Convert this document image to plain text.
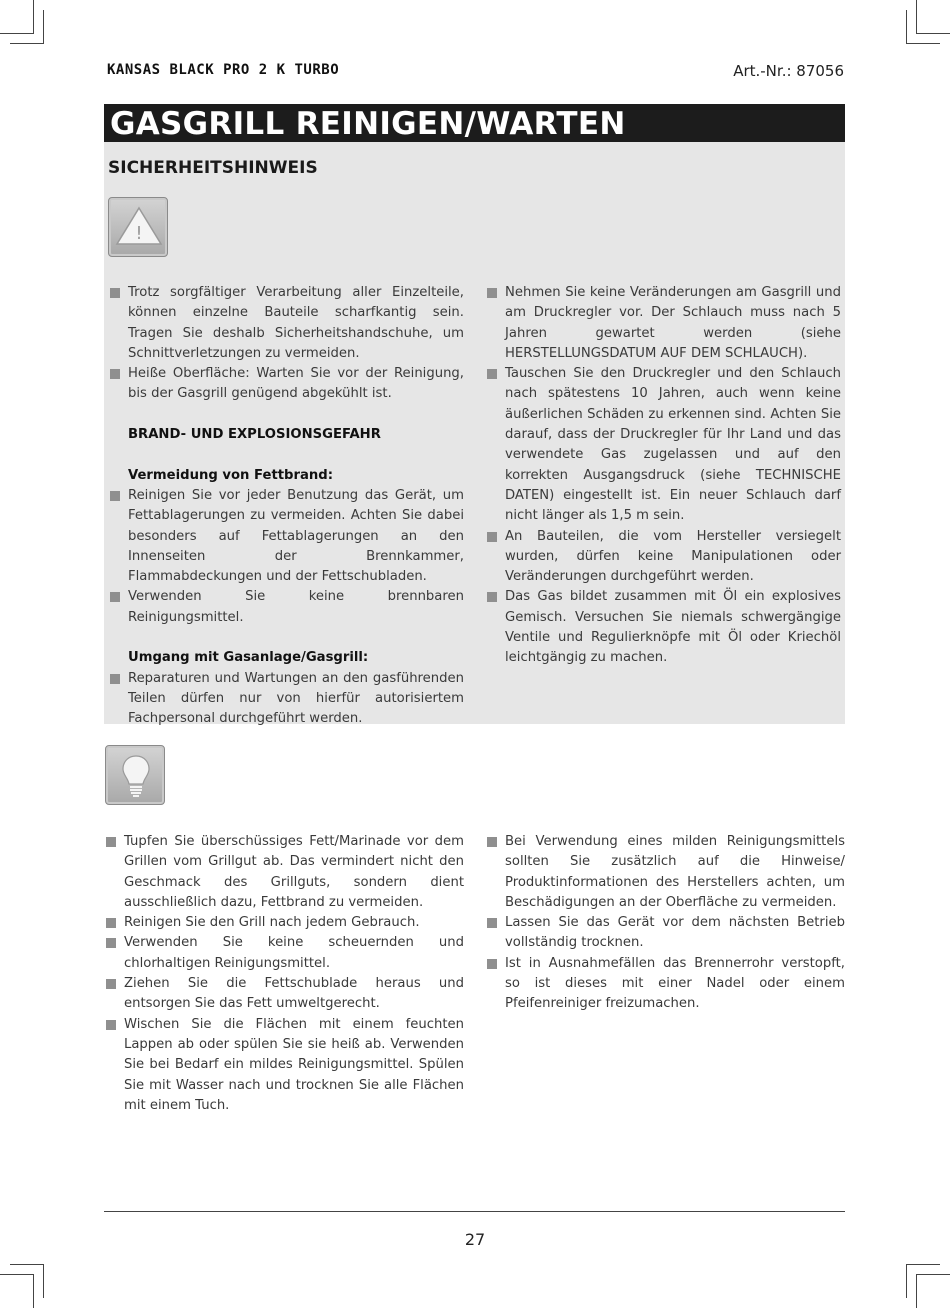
KANSAS BLACK PRO 2 K TURBO	Art.-Nr.: 87056
GASGRILL REINIGEN/WARTEN
SICHERHEITSHINWEIS
!
Trotz sorgfältiger Verarbeitung aller Einzelteile, können einzelne Bauteile scharfkantig sein. Tragen Sie deshalb Sicherheitshandschuhe, um Schnittverletzungen zu vermeiden.
Heiße Oberfläche: Warten Sie vor der Reinigung, bis der Gasgrill genügend abgekühlt ist.
BRAND- UND EXPLOSIONSGEFAHR
Vermeidung von Fettbrand:
Reinigen Sie vor jeder Benutzung das Gerät, um Fettablagerungen zu vermeiden. Achten Sie dabei besonders auf Fettablagerungen an den Innenseiten der Brennkammer, Flammabdeckungen und der Fettschubladen.
Verwenden Sie keine brennbaren Reinigungsmittel.
Umgang mit Gasanlage/Gasgrill:
Reparaturen und Wartungen an den gasführenden Teilen dürfen nur von hierfür autorisiertem Fachpersonal durchgeführt werden.
Nehmen Sie keine Veränderungen am Gasgrill und am Druckregler vor. Der Schlauch muss nach 5 Jahren gewartet werden (siehe HERSTELLUNGSDATUM AUF DEM SCHLAUCH).
Tauschen Sie den Druckregler und den Schlauch nach spätestens 10 Jahren, auch wenn keine äußerlichen Schäden zu erkennen sind. Achten Sie darauf, dass der Druckregler für Ihr Land und das verwendete Gas zugelassen und auf den korrekten Ausgangsdruck (siehe TECHNISCHE DATEN) eingestellt ist. Ein neuer Schlauch darf nicht länger als 1,5 m sein.
An Bauteilen, die vom Hersteller versiegelt wurden, dürfen keine Manipulationen oder Veränderungen durchgeführt werden.
Das Gas bildet zusammen mit Öl ein explosives Gemisch. Versuchen Sie niemals schwergängige Ventile und Regulierknöpfe mit Öl oder Kriechöl leichtgängig zu machen.
Tupfen Sie überschüssiges Fett/Marinade vor dem Grillen vom Grillgut ab. Das vermindert nicht den Geschmack des Grillguts, sondern dient ausschließlich dazu, Fettbrand zu vermeiden.
Reinigen Sie den Grill nach jedem Gebrauch.
Verwenden Sie keine scheuernden und chlorhaltigen Reinigungsmittel.
Ziehen Sie die Fettschublade heraus und entsorgen Sie das Fett umweltgerecht.
Wischen Sie die Flächen mit einem feuchten Lappen ab oder spülen Sie sie heiß ab. Verwenden Sie bei Bedarf ein mildes Reinigungsmittel. Spülen Sie mit Wasser nach und trocknen Sie alle Flächen mit einem Tuch.
Bei Verwendung eines milden Reinigungsmittels sollten Sie zusätzlich auf die Hinweise/ Produktinformationen des Herstellers achten, um Beschädigungen an der Oberfläche zu vermeiden.
Lassen Sie das Gerät vor dem nächsten Betrieb vollständig trocknen.
Ist in Ausnahmefällen das Brennerrohr verstopft, so ist dieses mit einer Nadel oder einem Pfeifenreiniger freizumachen.
27
